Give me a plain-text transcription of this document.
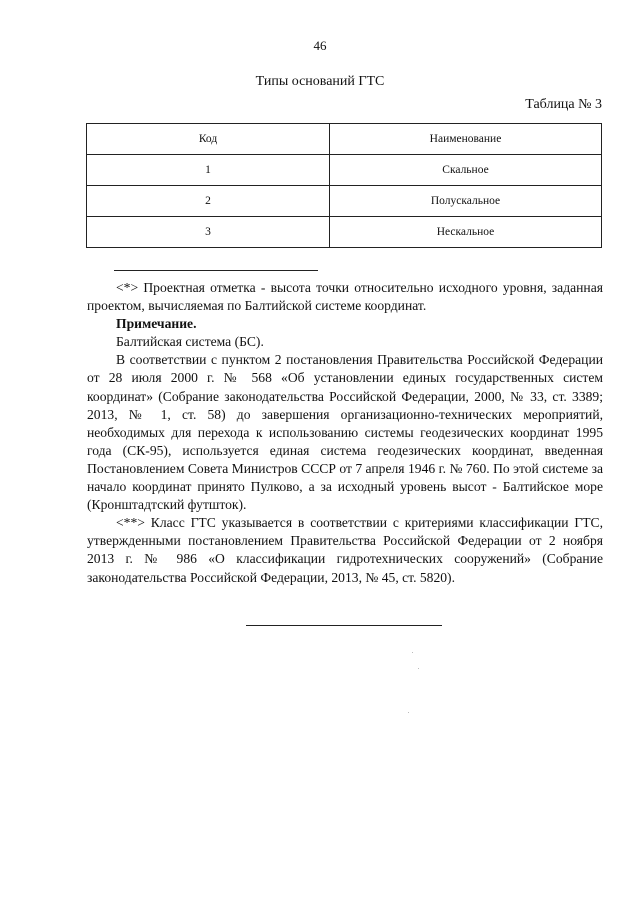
46
Типы оснований ГТС
Таблица № 3
Код	Наименование
1	Скальное
2	Полускальное
3	Нескальное

<*> Проектная отметка - высота точки относительно исходного уровня, заданная проектом, вычисляемая по Балтийской системе координат.

Примечание.

Балтийская система (БС).

В соответствии с пунктом 2 постановления Правительства Российской Федерации от 28 июля 2000 г. № 568 «Об установлении единых государственных систем координат» (Собрание законодательства Российской Федерации, 2000, № 33, ст. 3389; 2013, № 1, ст. 58) до завершения организационно-технических мероприятий, необходимых для перехода к использованию системы геодезических координат 1995 года (СК-95), используется единая система геодезических координат, введенная Постановлением Совета Министров СССР от 7 апреля 1946 г. № 760. По этой системе за начало координат принято Пулково, а за исходный уровень высот - Балтийское море (Кронштадтский футшток).

<**> Класс ГТС указывается в соответствии с критериями классификации ГТС, утвержденными постановлением Правительства Российской Федерации от 2 ноября 2013 г. № 986 «О классификации гидротехнических сооружений» (Собрание законодательства Российской Федерации, 2013, № 45, ст. 5820).
